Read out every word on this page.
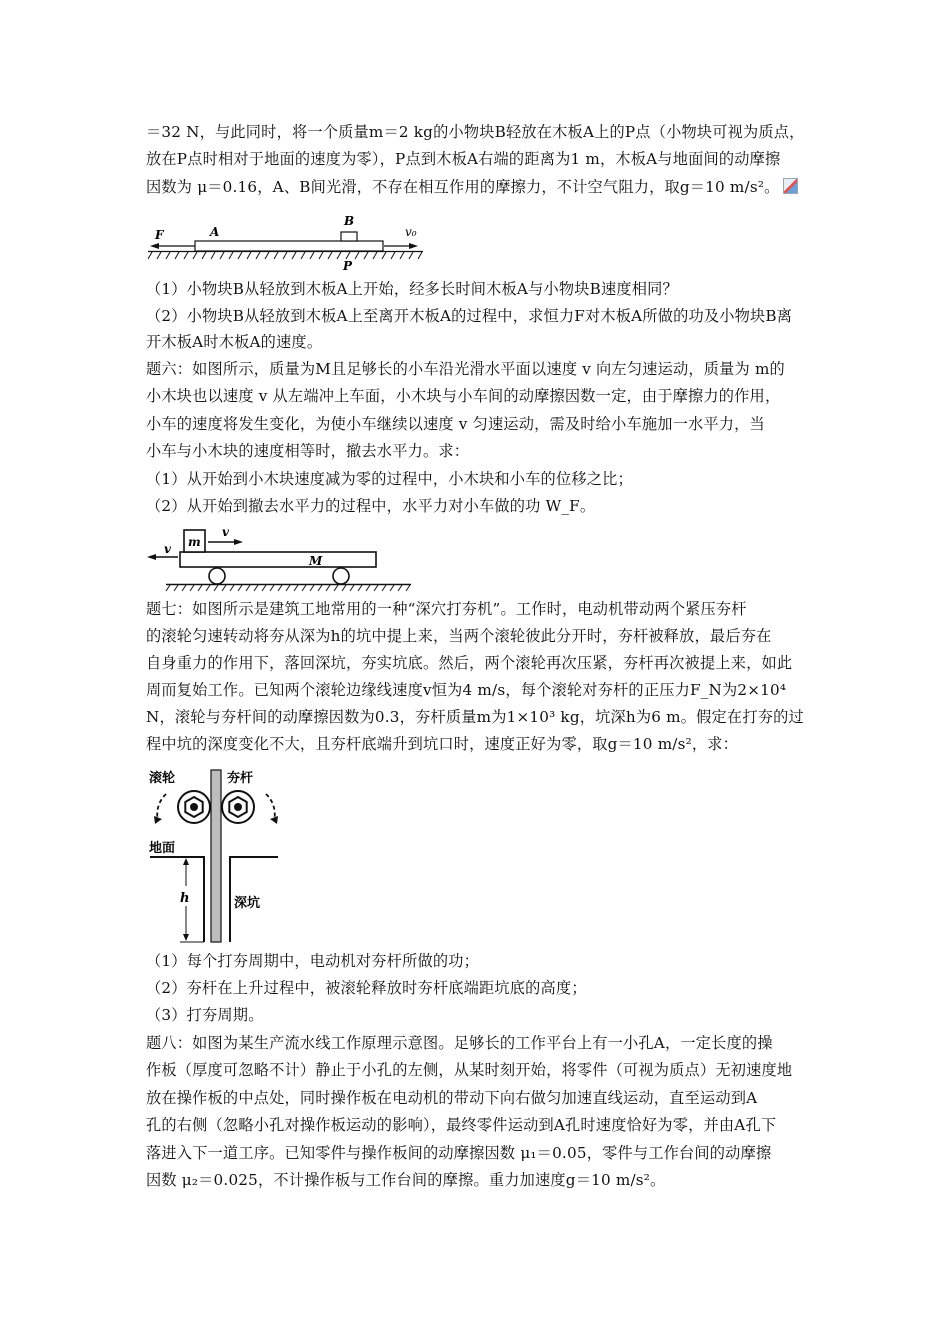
＝32 N，与此同时，将一个质量m＝2 kg的小物块B轻放在木板A上的P点（小物块可视为质点，
放在P点时相对于地面的速度为零），P点到木板A右端的距离为1 m，木板A与地面间的动摩擦
因数为 μ＝0.16，A、B间光滑，不存在相互作用的摩擦力，不计空气阻力，取g＝10 m/s²。
F	A
B
P
v₀
（1）小物块B从轻放到木板A上开始，经多长时间木板A与小物块B速度相同？
（2）小物块B从轻放到木板A上至离开木板A的过程中，求恒力F对木板A所做的功及小物块B离
开木板A时木板A的速度。
题六：如图所示，质量为M且足够长的小车沿光滑水平面以速度 v 向左匀速运动，质量为 m的
小木块也以速度 v 从左端冲上车面，小木块与小车间的动摩擦因数一定，由于摩擦力的作用，
小车的速度将发生变化，为使小车继续以速度 v 匀速运动，需及时给小车施加一水平力，当
小车与小木块的速度相等时，撤去水平力。求：
（1）从开始到小木块速度减为零的过程中，小木块和小车的位移之比；
（2）从开始到撤去水平力的过程中，水平力对小车做的功 W_F。
m
v
v
M
题七：如图所示是建筑工地常用的一种“深穴打夯机”。工作时，电动机带动两个紧压夯杆
的滚轮匀速转动将夯从深为h的坑中提上来，当两个滚轮彼此分开时，夯杆被释放，最后夯在
自身重力的作用下，落回深坑，夯实坑底。然后，两个滚轮再次压紧，夯杆再次被提上来，如此
周而复始工作。已知两个滚轮边缘线速度v恒为4 m/s，每个滚轮对夯杆的正压力F_N为2×10⁴
N，滚轮与夯杆间的动摩擦因数为0.3，夯杆质量m为1×10³ kg，坑深h为6 m。假定在打夯的过
程中坑的深度变化不大，且夯杆底端升到坑口时，速度正好为零，取g＝10 m/s²，求：
滚轮	夯杆
地面
h	深坑
（1）每个打夯周期中，电动机对夯杆所做的功；
（2）夯杆在上升过程中，被滚轮释放时夯杆底端距坑底的高度；
（3）打夯周期。
题八：如图为某生产流水线工作原理示意图。足够长的工作平台上有一小孔A，一定长度的操
作板（厚度可忽略不计）静止于小孔的左侧，从某时刻开始，将零件（可视为质点）无初速度地
放在操作板的中点处，同时操作板在电动机的带动下向右做匀加速直线运动，直至运动到A
孔的右侧（忽略小孔对操作板运动的影响），最终零件运动到A孔时速度恰好为零，并由A孔下
落进入下一道工序。已知零件与操作板间的动摩擦因数 μ₁＝0.05，零件与工作台间的动摩擦
因数 μ₂＝0.025，不计操作板与工作台间的摩擦。重力加速度g＝10 m/s²。
